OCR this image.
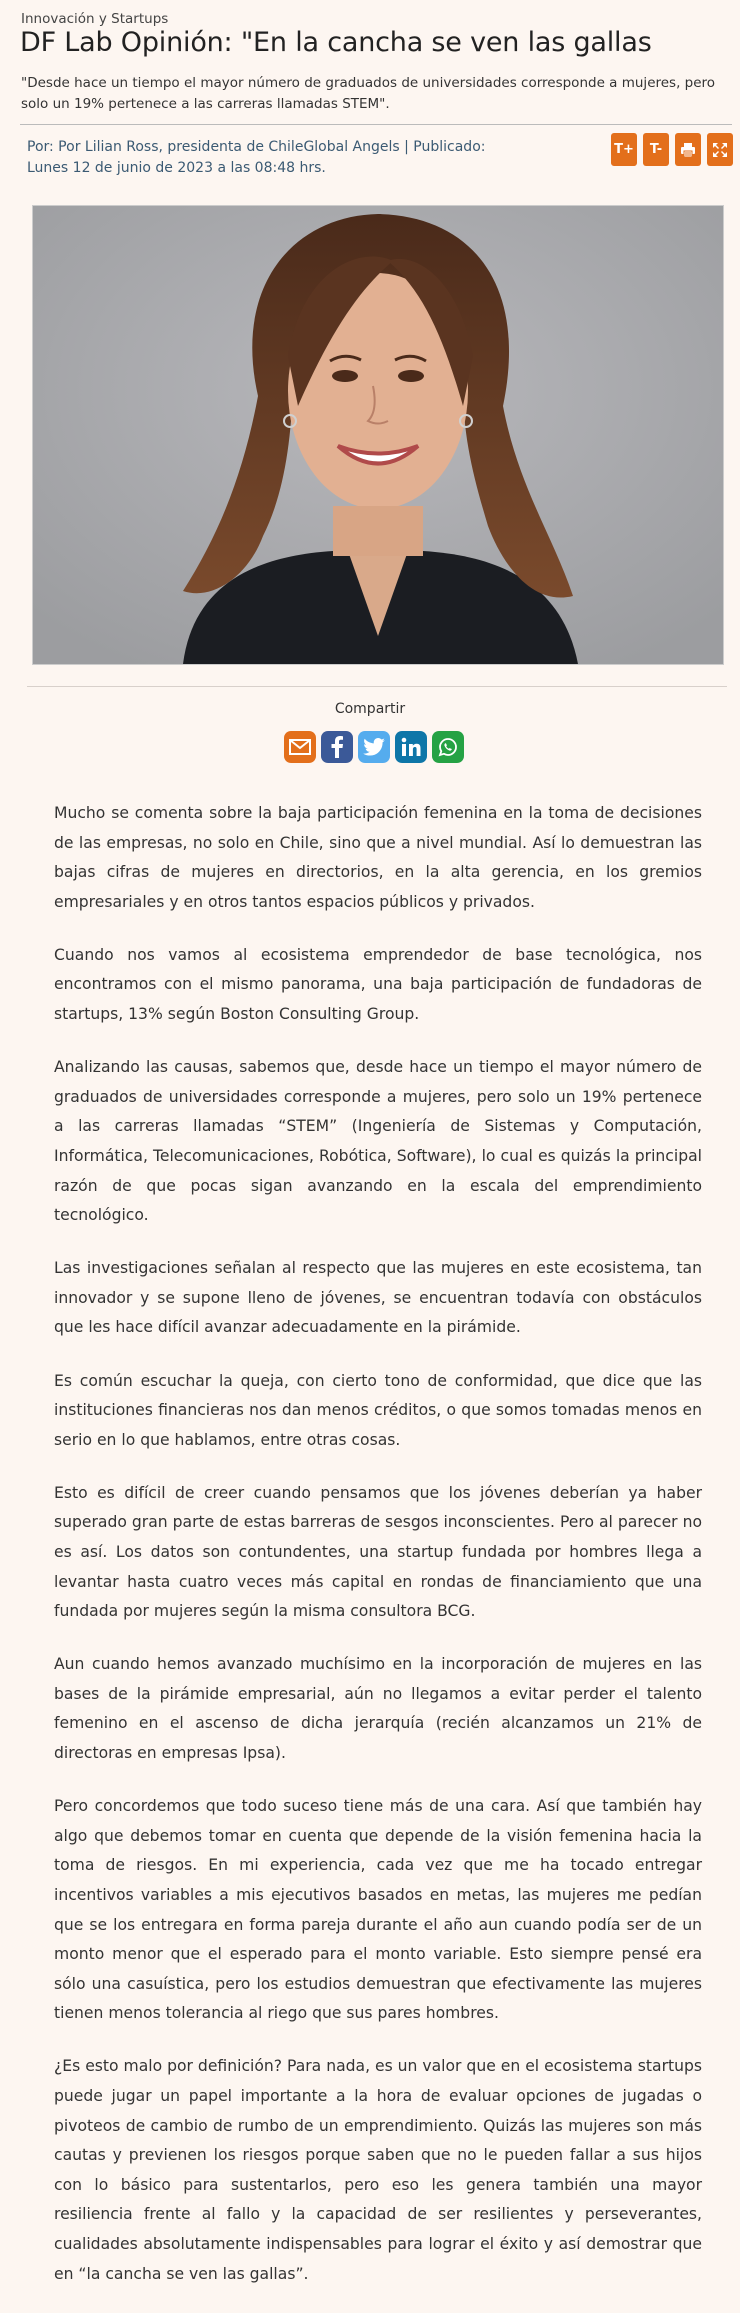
Innovación y Startups
DF Lab Opinión: "En la cancha se ven las gallas
"Desde hace un tiempo el mayor número de graduados de universidades corresponde a mujeres, pero solo un 19% pertenece a las carreras llamadas STEM".
Por: Por Lilian Ross, presidenta de ChileGlobal Angels | Publicado:
Lunes 12 de junio de 2023 a las 08:48 hrs.
T+	T-
Compartir

Mucho se comenta sobre la baja participación femenina en la toma de decisiones de las empresas, no solo en Chile, sino que a nivel mundial. Así lo demuestran las bajas cifras de mujeres en directorios, en la alta gerencia, en los gremios empresariales y en otros tantos espacios públicos y privados.

Cuando nos vamos al ecosistema emprendedor de base tecnológica, nos encontramos con el mismo panorama, una baja participación de fundadoras de startups, 13% según Boston Consulting Group.

Analizando las causas, sabemos que, desde hace un tiempo el mayor número de graduados de universidades corresponde a mujeres, pero solo un 19% pertenece a las carreras llamadas “STEM” (Ingeniería de Sistemas y Computación, Informática, Telecomunicaciones, Robótica, Software), lo cual es quizás la principal razón de que pocas sigan avanzando en la escala del emprendimiento tecnológico.

Las investigaciones señalan al respecto que las mujeres en este ecosistema, tan innovador y se supone lleno de jóvenes, se encuentran todavía con obstáculos que les hace difícil avanzar adecuadamente en la pirámide.

Es común escuchar la queja, con cierto tono de conformidad, que dice que las instituciones financieras nos dan menos créditos, o que somos tomadas menos en serio en lo que hablamos, entre otras cosas.

Esto es difícil de creer cuando pensamos que los jóvenes deberían ya haber superado gran parte de estas barreras de sesgos inconscientes. Pero al parecer no es así. Los datos son contundentes, una startup fundada por hombres llega a levantar hasta cuatro veces más capital en rondas de financiamiento que una fundada por mujeres según la misma consultora BCG.

Aun cuando hemos avanzado muchísimo en la incorporación de mujeres en las bases de la pirámide empresarial, aún no llegamos a evitar perder el talento femenino en el ascenso de dicha jerarquía (recién alcanzamos un 21% de directoras en empresas Ipsa).

Pero concordemos que todo suceso tiene más de una cara. Así que también hay algo que debemos tomar en cuenta que depende de la visión femenina hacia la toma de riesgos. En mi experiencia, cada vez que me ha tocado entregar incentivos variables a mis ejecutivos basados en metas, las mujeres me pedían que se los entregara en forma pareja durante el año aun cuando podía ser de un monto menor que el esperado para el monto variable. Esto siempre pensé era sólo una casuística, pero los estudios demuestran que efectivamente las mujeres tienen menos tolerancia al riego que sus pares hombres.

¿Es esto malo por definición? Para nada, es un valor que en el ecosistema startups puede jugar un papel importante a la hora de evaluar opciones de jugadas o pivoteos de cambio de rumbo de un emprendimiento. Quizás las mujeres son más cautas y previenen los riesgos porque saben que no le pueden fallar a sus hijos con lo básico para sustentarlos, pero eso les genera también una mayor resiliencia frente al fallo y la capacidad de ser resilientes y perseverantes, cualidades absolutamente indispensables para lograr el éxito y así demostrar que en “la cancha se ven las gallas”.
